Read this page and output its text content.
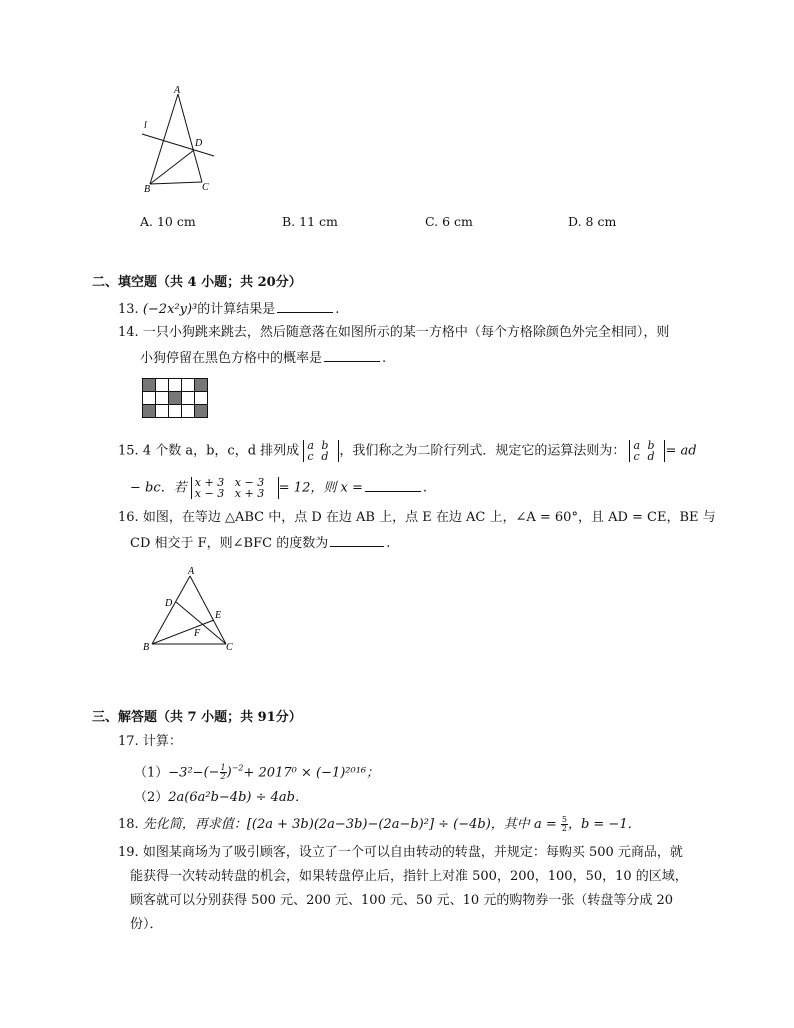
A
l
D
B	C
A. 10 cm	B. 11 cm	C. 6 cm	D. 8 cm
二、填空题（共 4 小题；共 20分）
13. (−2x²y)³的计算结果是	.
14. 一只小狗跳来跳去，然后随意落在如图所示的某一方格中（每个方格除颜色外完全相同），则
小狗停留在黑色方格中的概率是	.

15. 4 个数 a，b，c，d 排列成 a b
c d ，我们称之为二阶行列式．规定它的运算法则为： a b
c d = ad
− bc．若 x + 3 x − 3
x − 3 x + 3 = 12，则 x =	.
16. 如图，在等边 △ABC 中，点 D 在边 AB 上，点 E 在边 AC 上，∠A = 60°，且 AD = CE，BE 与
CD 相交于 F，则∠BFC 的度数为	.
A
D
E
F
B	C
三、解答题（共 7 小题；共 91分）
17. 计算：
$(1)-3^2-(- \frac{1}{2} )^{-2}+ 2017^0 \times (-1)^{2016}$；
（2）2a(6a²b−4b) ÷ 4ab．
18. 先化简，再求值：[(2a + 3b)(2a−3b)−(2a−b)²] ÷ (−4b)，其中 $a = \frac{5}{2}$ ，b = −1．
19. 如图某商场为了吸引顾客，设立了一个可以自由转动的转盘，并规定：每购买 500 元商品，就
能获得一次转动转盘的机会，如果转盘停止后，指针上对准 500，200，100，50，10 的区域，
顾客就可以分别获得 500 元、200 元、100 元、50 元、10 元的购物券一张（转盘等分成 20
份）．
